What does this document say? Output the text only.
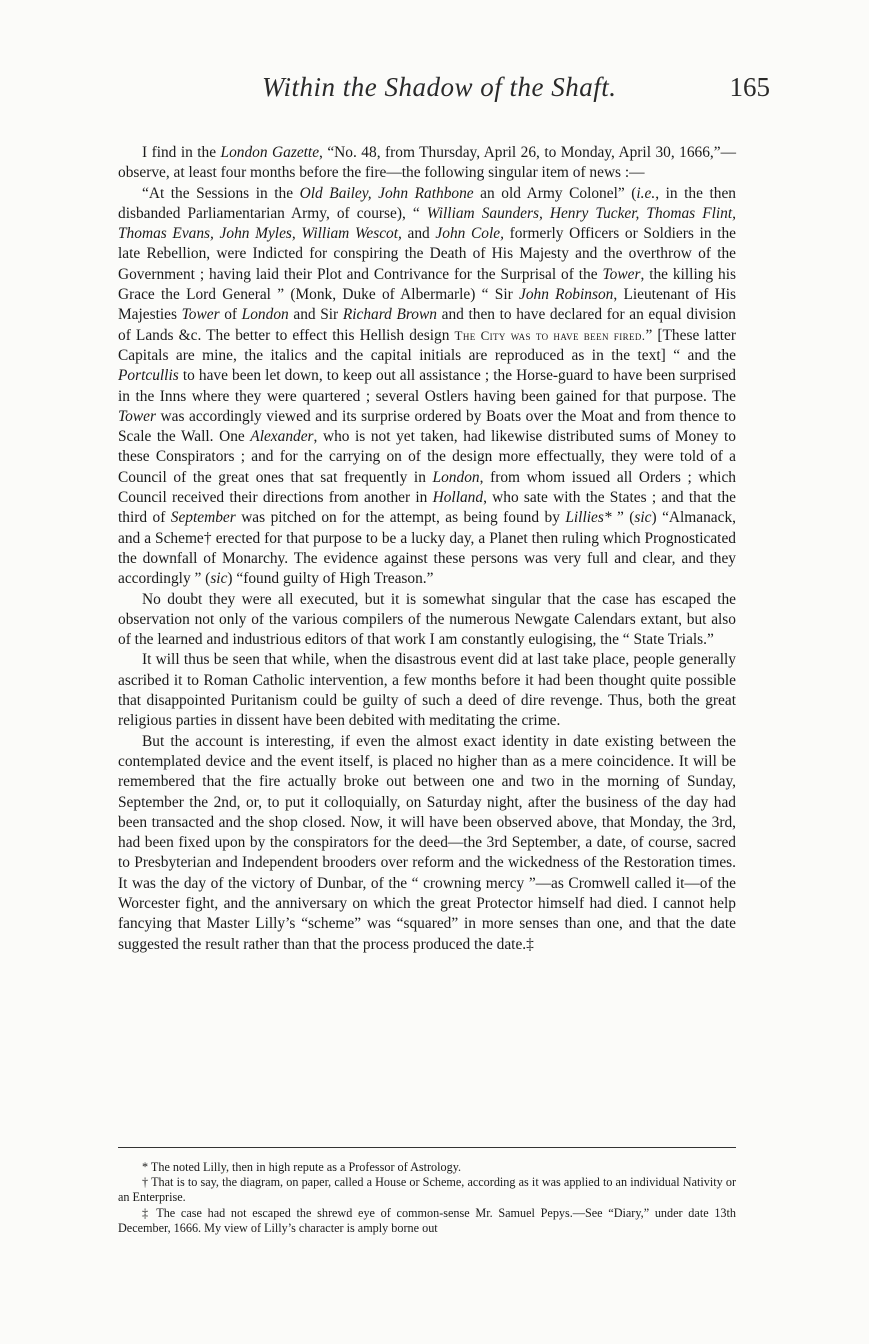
Within the Shadow of the Shaft.	165

I find in the London Gazette, “No. 48, from Thursday, April 26, to Monday, April 30, 1666,”—observe, at least four months before the fire—the following singular item of news :—

“At the Sessions in the Old Bailey, John Rathbone an old Army Colonel” (i.e., in the then disbanded Parliamentarian Army, of course), “ William Saunders, Henry Tucker, Thomas Flint, Thomas Evans, John Myles, William Wescot, and John Cole, formerly Officers or Soldiers in the late Rebellion, were Indicted for conspiring the Death of His Majesty and the overthrow of the Government ; having laid their Plot and Contrivance for the Surprisal of the Tower, the killing his Grace the Lord General ” (Monk, Duke of Albermarle) “ Sir John Robinson, Lieutenant of His Majesties Tower of London and Sir Richard Brown and then to have declared for an equal division of Lands &c. The better to effect this Hellish design The City was to have been fired.” [These latter Capitals are mine, the italics and the capital initials are reproduced as in the text] “ and the Portcullis to have been let down, to keep out all assistance ; the Horse-guard to have been surprised in the Inns where they were quartered ; several Ostlers having been gained for that purpose. The Tower was accordingly viewed and its surprise ordered by Boats over the Moat and from thence to Scale the Wall. One Alexander, who is not yet taken, had likewise distributed sums of Money to these Conspirators ; and for the carrying on of the design more effectually, they were told of a Council of the great ones that sat frequently in London, from whom issued all Orders ; which Council received their directions from another in Holland, who sate with the States ; and that the third of September was pitched on for the attempt, as being found by Lillies* ” (sic) “Almanack, and a Scheme† erected for that purpose to be a lucky day, a Planet then ruling which Prognosticated the downfall of Monarchy. The evidence against these persons was very full and clear, and they accordingly ” (sic) “found guilty of High Treason.”

No doubt they were all executed, but it is somewhat singular that the case has escaped the observation not only of the various compilers of the numerous Newgate Calendars extant, but also of the learned and industrious editors of that work I am constantly eulogising, the “ State Trials.”

It will thus be seen that while, when the disastrous event did at last take place, people generally ascribed it to Roman Catholic intervention, a few months before it had been thought quite possible that disappointed Puritanism could be guilty of such a deed of dire revenge. Thus, both the great religious parties in dissent have been debited with meditating the crime.

But the account is interesting, if even the almost exact identity in date existing between the contemplated device and the event itself, is placed no higher than as a mere coincidence. It will be remembered that the fire actually broke out between one and two in the morning of Sunday, September the 2nd, or, to put it colloquially, on Saturday night, after the business of the day had been transacted and the shop closed. Now, it will have been observed above, that Monday, the 3rd, had been fixed upon by the conspirators for the deed—the 3rd September, a date, of course, sacred to Presbyterian and Independent brooders over reform and the wickedness of the Restoration times. It was the day of the victory of Dunbar, of the “ crowning mercy ”—as Cromwell called it—of the Worcester fight, and the anniversary on which the great Protector himself had died. I cannot help fancying that Master Lilly’s “scheme” was “squared” in more senses than one, and that the date suggested the result rather than that the process produced the date.‡

* The noted Lilly, then in high repute as a Professor of Astrology.

† That is to say, the diagram, on paper, called a House or Scheme, according as it was applied to an individual Nativity or an Enterprise.

‡ The case had not escaped the shrewd eye of common-sense Mr. Samuel Pepys.—See “Diary,” under date 13th December, 1666. My view of Lilly’s character is amply borne out
